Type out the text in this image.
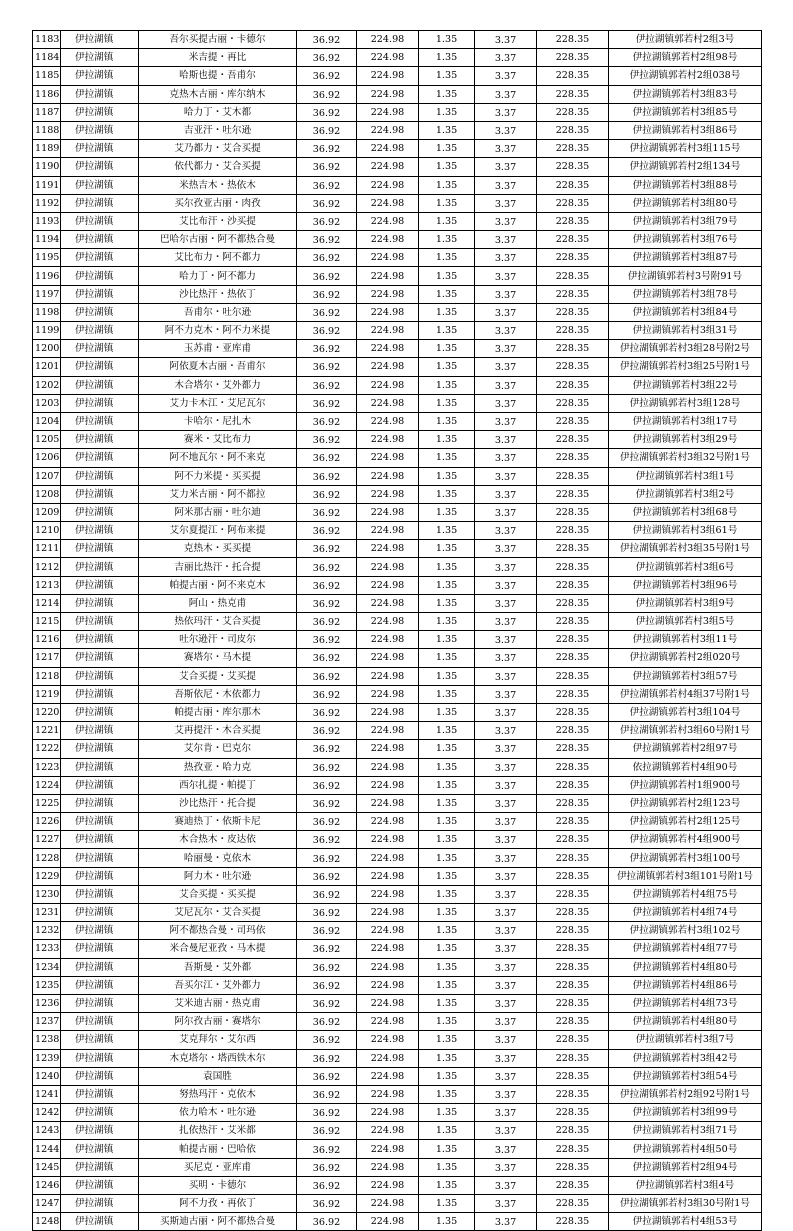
1183	伊拉湖镇	吾尔买提古丽・卡德尔	36.92	224.98	1.35	3.37	228.35	伊拉湖镇郭若村2组3号
1184	伊拉湖镇	米吉提・再比	36.92	224.98	1.35	3.37	228.35	伊拉湖镇郭若村2组98号
1185	伊拉湖镇	哈斯也提・吾甫尔	36.92	224.98	1.35	3.37	228.35	伊拉湖镇郭若村2组038号
1186	伊拉湖镇	克热木古丽・库尔纳木	36.92	224.98	1.35	3.37	228.35	伊拉湖镇郭若村3组83号
1187	伊拉湖镇	哈力丁・艾木都	36.92	224.98	1.35	3.37	228.35	伊拉湖镇郭若村3组85号
1188	伊拉湖镇	吉亚汗・吐尔逊	36.92	224.98	1.35	3.37	228.35	伊拉湖镇郭若村3组86号
1189	伊拉湖镇	艾乃都力・艾合买提	36.92	224.98	1.35	3.37	228.35	伊拉湖镇郭若村3组115号
1190	伊拉湖镇	依代都力・艾合买提	36.92	224.98	1.35	3.37	228.35	伊拉湖镇郭若村2组134号
1191	伊拉湖镇	米热吉木・热依木	36.92	224.98	1.35	3.37	228.35	伊拉湖镇郭若村3组88号
1192	伊拉湖镇	买尔孜亚古丽・肉孜	36.92	224.98	1.35	3.37	228.35	伊拉湖镇郭若村3组80号
1193	伊拉湖镇	艾比布汗・沙买提	36.92	224.98	1.35	3.37	228.35	伊拉湖镇郭若村3组79号
1194	伊拉湖镇	巴哈尔古丽・阿不都热合曼	36.92	224.98	1.35	3.37	228.35	伊拉湖镇郭若村3组76号
1195	伊拉湖镇	艾比布力・阿不都力	36.92	224.98	1.35	3.37	228.35	伊拉湖镇郭若村3组87号
1196	伊拉湖镇	哈力丁・阿不都力	36.92	224.98	1.35	3.37	228.35	伊拉湖镇郭若村3号附91号
1197	伊拉湖镇	沙比热汗・热依丁	36.92	224.98	1.35	3.37	228.35	伊拉湖镇郭若村3组78号
1198	伊拉湖镇	吾甫尔・吐尔逊	36.92	224.98	1.35	3.37	228.35	伊拉湖镇郭若村3组84号
1199	伊拉湖镇	阿不力克木・阿不力米提	36.92	224.98	1.35	3.37	228.35	伊拉湖镇郭若村3组31号
1200	伊拉湖镇	玉苏甫・亚库甫	36.92	224.98	1.35	3.37	228.35	伊拉湖镇郭若村3组28号附2号
1201	伊拉湖镇	阿依夏木古丽・吾甫尔	36.92	224.98	1.35	3.37	228.35	伊拉湖镇郭若村3组25号附1号
1202	伊拉湖镇	木合塔尔・艾外都力	36.92	224.98	1.35	3.37	228.35	伊拉湖镇郭若村3组22号
1203	伊拉湖镇	艾力卡木江・艾尼瓦尔	36.92	224.98	1.35	3.37	228.35	伊拉湖镇郭若村3组128号
1204	伊拉湖镇	卡哈尔・尼扎木	36.92	224.98	1.35	3.37	228.35	伊拉湖镇郭若村3组17号
1205	伊拉湖镇	赛米・艾比布力	36.92	224.98	1.35	3.37	228.35	伊拉湖镇郭若村3组29号
1206	伊拉湖镇	阿不地瓦尔・阿不来克	36.92	224.98	1.35	3.37	228.35	伊拉湖镇郭若村3组32号附1号
1207	伊拉湖镇	阿不力米提・买买提	36.92	224.98	1.35	3.37	228.35	伊拉湖镇郭若村3组1号
1208	伊拉湖镇	艾力米古丽・阿不都拉	36.92	224.98	1.35	3.37	228.35	伊拉湖镇郭若村3组2号
1209	伊拉湖镇	阿米那古丽・吐尔迪	36.92	224.98	1.35	3.37	228.35	伊拉湖镇郭若村3组68号
1210	伊拉湖镇	艾尔夏提江・阿布来提	36.92	224.98	1.35	3.37	228.35	伊拉湖镇郭若村3组61号
1211	伊拉湖镇	克热木・买买提	36.92	224.98	1.35	3.37	228.35	伊拉湖镇郭若村3组35号附1号
1212	伊拉湖镇	吉丽比热汗・托合提	36.92	224.98	1.35	3.37	228.35	伊拉湖镇郭若村3组6号
1213	伊拉湖镇	帕提古丽・阿不来克木	36.92	224.98	1.35	3.37	228.35	伊拉湖镇郭若村3组96号
1214	伊拉湖镇	阿山・热克甫	36.92	224.98	1.35	3.37	228.35	伊拉湖镇郭若村3组9号
1215	伊拉湖镇	热依玛汗・艾合买提	36.92	224.98	1.35	3.37	228.35	伊拉湖镇郭若村3组5号
1216	伊拉湖镇	吐尔逊汗・司皮尔	36.92	224.98	1.35	3.37	228.35	伊拉湖镇郭若村3组11号
1217	伊拉湖镇	赛塔尔・马木提	36.92	224.98	1.35	3.37	228.35	伊拉湖镇郭若村2组020号
1218	伊拉湖镇	艾合买提・艾买提	36.92	224.98	1.35	3.37	228.35	伊拉湖镇郭若村3组57号
1219	伊拉湖镇	吾斯依尼・木依都力	36.92	224.98	1.35	3.37	228.35	伊拉湖镇郭若村4组37号附1号
1220	伊拉湖镇	帕提古丽・库尔那木	36.92	224.98	1.35	3.37	228.35	伊拉湖镇郭若村3组104号
1221	伊拉湖镇	艾再提汗・木合买提	36.92	224.98	1.35	3.37	228.35	伊拉湖镇郭若村3组60号附1号
1222	伊拉湖镇	艾尔肯・巴克尔	36.92	224.98	1.35	3.37	228.35	伊拉湖镇郭若村2组97号
1223	伊拉湖镇	热孜亚・哈力克	36.92	224.98	1.35	3.37	228.35	依拉湖镇郭若村4组90号
1224	伊拉湖镇	西尔扎提・帕提丁	36.92	224.98	1.35	3.37	228.35	伊拉湖镇郭若村1组900号
1225	伊拉湖镇	沙比热汗・托合提	36.92	224.98	1.35	3.37	228.35	伊拉湖镇郭若村2组123号
1226	伊拉湖镇	赛迪热丁・依斯卡尼	36.92	224.98	1.35	3.37	228.35	伊拉湖镇郭若村2组125号
1227	伊拉湖镇	木合热木・皮达依	36.92	224.98	1.35	3.37	228.35	伊拉湖镇郭若村4组900号
1228	伊拉湖镇	哈丽曼・克依木	36.92	224.98	1.35	3.37	228.35	伊拉湖镇郭若村3组100号
1229	伊拉湖镇	阿力木・吐尔逊	36.92	224.98	1.35	3.37	228.35	伊拉湖镇郭若村3组101号附1号
1230	伊拉湖镇	艾合买提・买买提	36.92	224.98	1.35	3.37	228.35	伊拉湖镇郭若村4组75号
1231	伊拉湖镇	艾尼瓦尔・艾合买提	36.92	224.98	1.35	3.37	228.35	伊拉湖镇郭若村4组74号
1232	伊拉湖镇	阿不都热合曼・司玛依	36.92	224.98	1.35	3.37	228.35	伊拉湖镇郭若村3组102号
1233	伊拉湖镇	米合曼尼亚孜・马木提	36.92	224.98	1.35	3.37	228.35	伊拉湖镇郭若村4组77号
1234	伊拉湖镇	吾斯曼・艾外都	36.92	224.98	1.35	3.37	228.35	伊拉湖镇郭若村4组80号
1235	伊拉湖镇	吾买尔江・艾外都力	36.92	224.98	1.35	3.37	228.35	伊拉湖镇郭若村4组86号
1236	伊拉湖镇	艾米迪古丽・热克甫	36.92	224.98	1.35	3.37	228.35	伊拉湖镇郭若村4组73号
1237	伊拉湖镇	阿尔孜古丽・赛塔尔	36.92	224.98	1.35	3.37	228.35	伊拉湖镇郭若村4组80号
1238	伊拉湖镇	艾克拜尔・艾尔西	36.92	224.98	1.35	3.37	228.35	伊拉湖镇郭若村3组7号
1239	伊拉湖镇	木克塔尔・塔西铁木尔	36.92	224.98	1.35	3.37	228.35	伊拉湖镇郭若村3组42号
1240	伊拉湖镇	袁国胜	36.92	224.98	1.35	3.37	228.35	伊拉湖镇郭若村3组54号
1241	伊拉湖镇	努热玛汗・克依木	36.92	224.98	1.35	3.37	228.35	伊拉湖镇郭若村2组92号附1号
1242	伊拉湖镇	依力哈木・吐尔逊	36.92	224.98	1.35	3.37	228.35	伊拉湖镇郭若村3组99号
1243	伊拉湖镇	扎依热汗・艾米都	36.92	224.98	1.35	3.37	228.35	伊拉湖镇郭若村3组71号
1244	伊拉湖镇	帕提古丽・巴哈依	36.92	224.98	1.35	3.37	228.35	伊拉湖镇郭若村4组50号
1245	伊拉湖镇	买尼克・亚库甫	36.92	224.98	1.35	3.37	228.35	伊拉湖镇郭若村2组94号
1246	伊拉湖镇	买明・卡德尔	36.92	224.98	1.35	3.37	228.35	伊拉湖镇郭若村3组4号
1247	伊拉湖镇	阿不力孜・再依丁	36.92	224.98	1.35	3.37	228.35	伊拉湖镇郭若村3组30号附1号
1248	伊拉湖镇	买斯迪古丽・阿不都热合曼	36.92	224.98	1.35	3.37	228.35	伊拉湖镇郭若村4组53号
